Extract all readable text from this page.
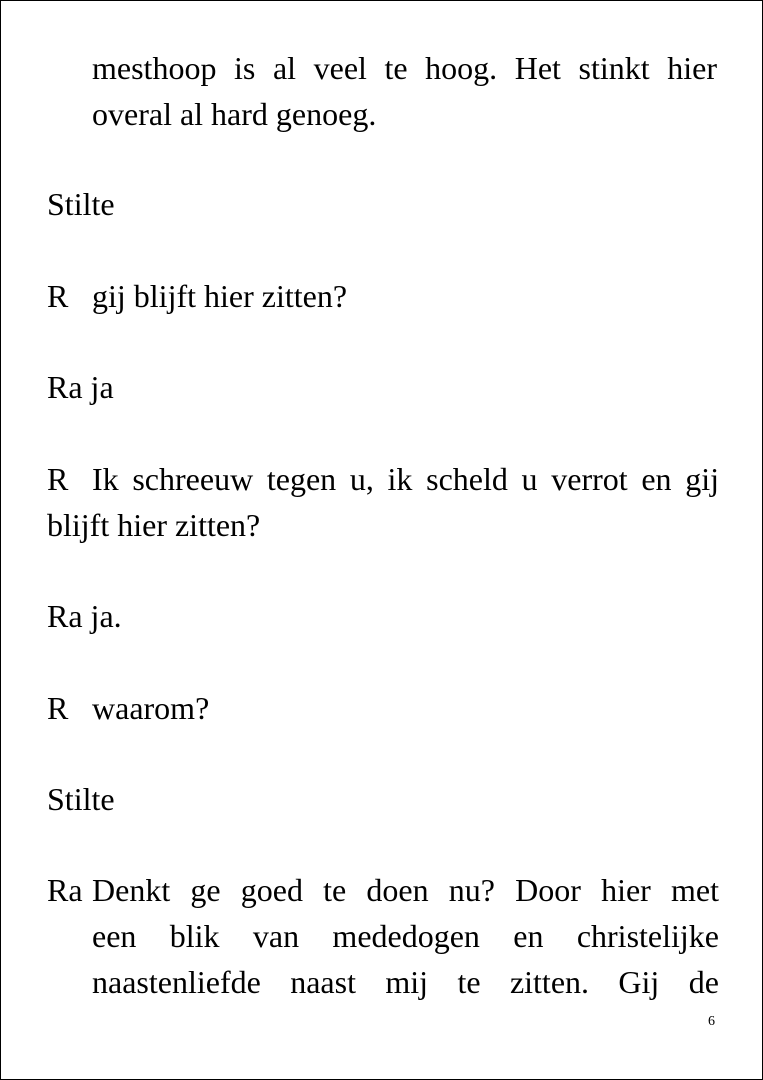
mesthoop is al veel te hoog. Het stinkt hier
overal al hard genoeg.
Stilte
R gij blijft hier zitten?
Ra ja
R Ik schreeuw tegen u, ik scheld u verrot en gij
blijft hier zitten?
Ra ja.
R waarom?
Stilte
Ra Denkt ge goed te doen nu? Door hier met
een blik van mededogen en christelijke
naastenliefde naast mij te zitten. Gij de
6
